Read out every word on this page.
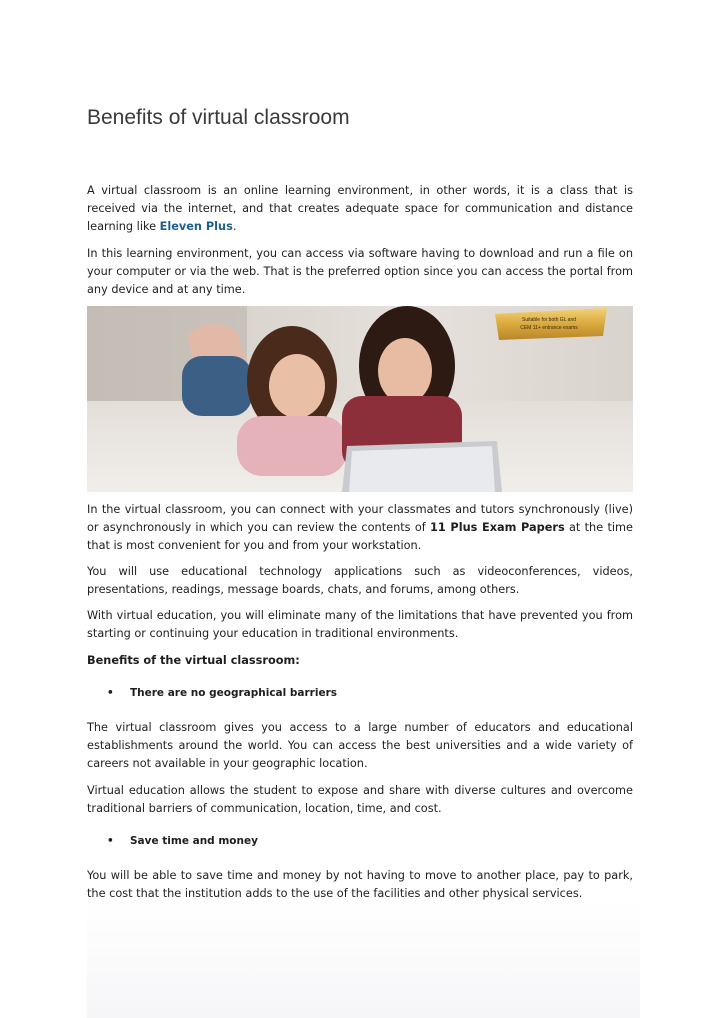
Benefits of virtual classroom

A virtual classroom is an online learning environment, in other words, it is a class that is received via the internet, and that creates adequate space for communication and distance learning like Eleven Plus.

In this learning environment, you can access via software having to download and run a file on your computer or via the web. That is the preferred option since you can access the portal from any device and at any time.

Suitable for both GL and
CEM 11+ entrance exams

In the virtual classroom, you can connect with your classmates and tutors synchronously (live) or asynchronously in which you can review the contents of 11 Plus Exam Papers at the time that is most convenient for you and from your workstation.

You will use educational technology applications such as videoconferences, videos, presentations, readings, message boards, chats, and forums, among others.

With virtual education, you will eliminate many of the limitations that have prevented you from starting or continuing your education in traditional environments.

Benefits of the virtual classroom:

• There are no geographical barriers

The virtual classroom gives you access to a large number of educators and educational establishments around the world. You can access the best universities and a wide variety of careers not available in your geographic location.

Virtual education allows the student to expose and share with diverse cultures and overcome traditional barriers of communication, location, time, and cost.

• Save time and money

You will be able to save time and money by not having to move to another place, pay to park, the cost that the institution adds to the use of the facilities and other physical services.
